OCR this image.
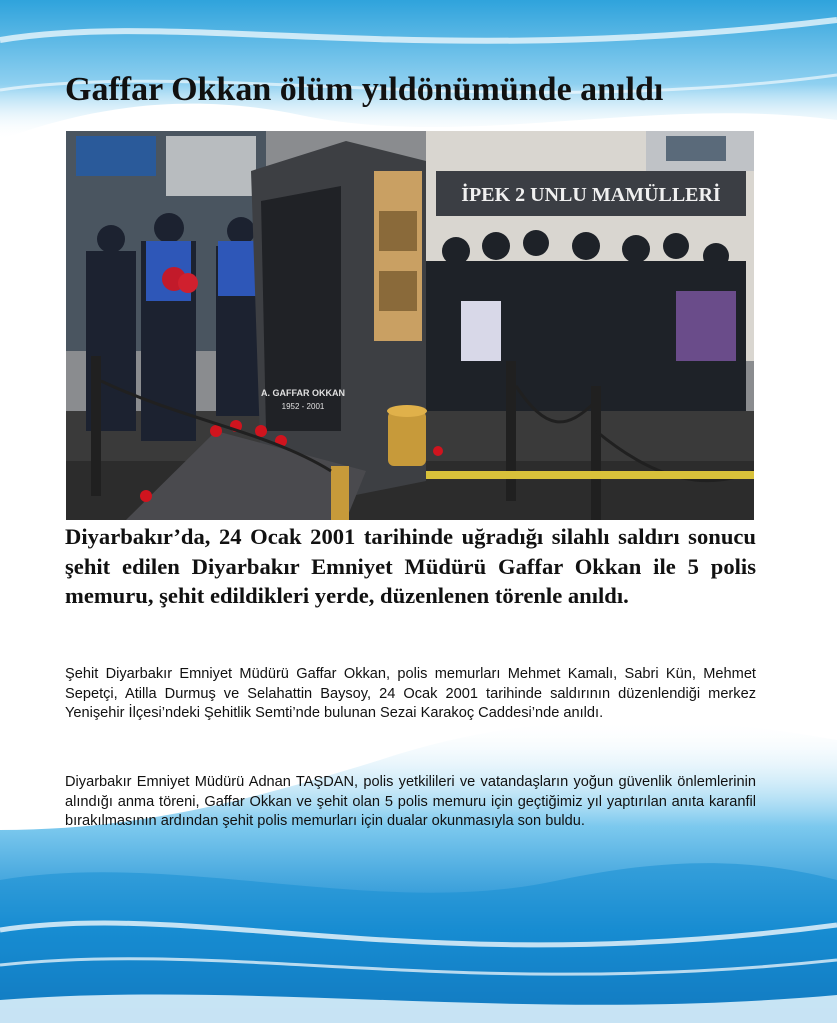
Gaffar Okkan ölüm yıldönümünde anıldı
İPEK 2 UNLU MAMÜLLERİ
A. GAFFAR OKKAN
1952 - 2001

Diyarbakır’da, 24 Ocak 2001 tarihinde uğradığı silahlı saldırı sonucu şehit edilen Diyarbakır Emniyet Müdürü Gaffar Okkan ile 5 polis memuru, şehit edildikleri yerde, düzenlenen törenle anıldı.

Şehit Diyarbakır Emniyet Müdürü Gaffar Okkan, polis memurları Mehmet Kamalı, Sabri Kün, Mehmet Sepetçi, Atilla Durmuş ve Selahattin Baysoy, 24 Ocak 2001 tarihinde saldırının düzenlendiği merkez Yenişehir İlçesi’ndeki Şehitlik Semti’nde bulunan Sezai Karakoç Caddesi’nde anıldı.

Diyarbakır Emniyet Müdürü Adnan TAŞDAN, polis yetkilileri ve vatandaşların yoğun güvenlik önlemlerinin alındığı anma töreni, Gaffar Okkan ve şehit olan 5 polis memuru için geçtiğimiz yıl yaptırılan anıta karanfil bırakılmasının ardından şehit polis memurları için dualar okunmasıyla son buldu.
